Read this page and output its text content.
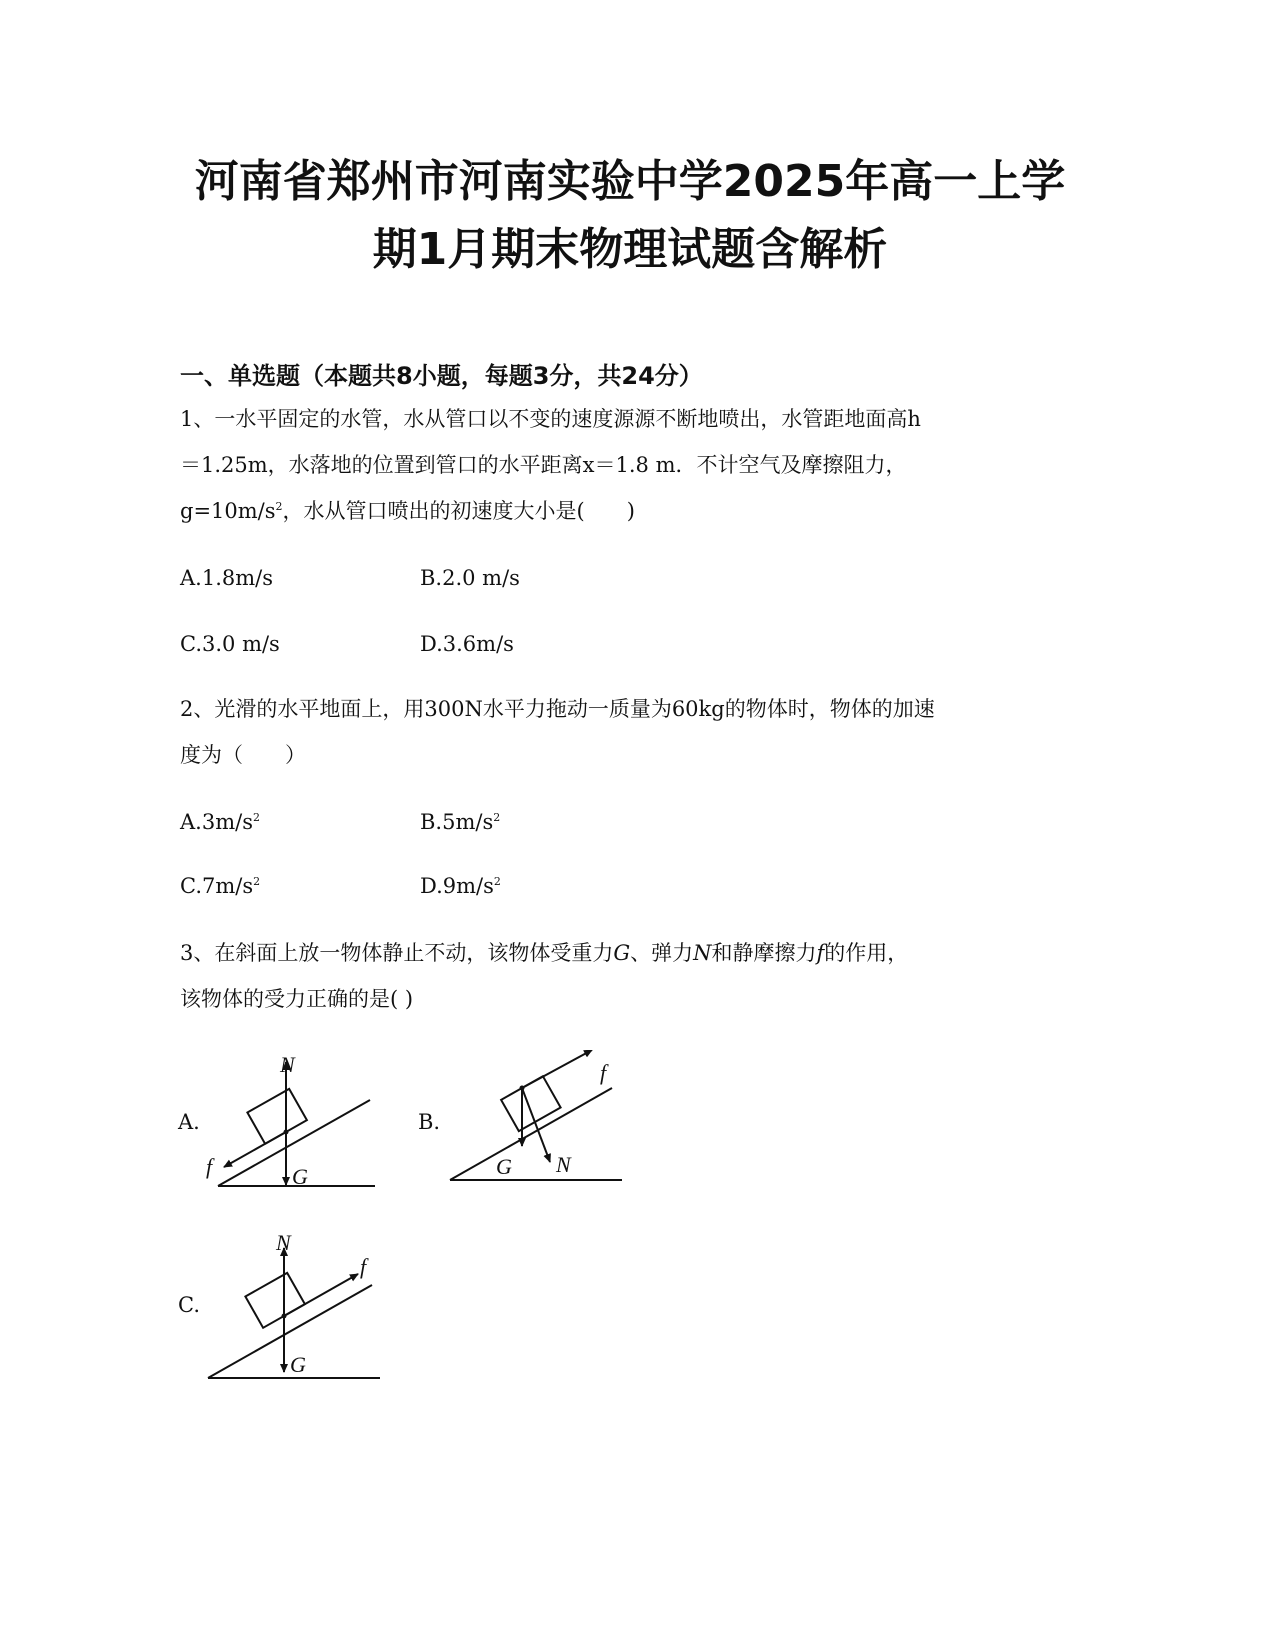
河南省郑州市河南实验中学2025年高一上学
期1月期末物理试题含解析
一、单选题（本题共8小题，每题3分，共24分）
1、一水平固定的水管，水从管口以不变的速度源源不断地喷出，水管距地面高h
＝1.25m，水落地的位置到管口的水平距离x＝1.8 m．不计空气及摩擦阻力，
$g=10m/s^2$，水从管口喷出的初速度大小是(　　)
A.1.8m/s	B.2.0 m/s
C.3.0 m/s	D.3.6m/s
2、光滑的水平地面上，用300N水平力拖动一质量为60kg的物体时，物体的加速
度为（　　）
$A.3m/s^2$	$B.5m/s^2$
$C.7m/s^2$	$D.9m/s^2$
3、在斜面上放一物体静止不动，该物体受重力G、弹力N和静摩擦力f的作用，
该物体的受力正确的是( )
A.	B.
C.
N
G
f
f
G N
N
G
f
